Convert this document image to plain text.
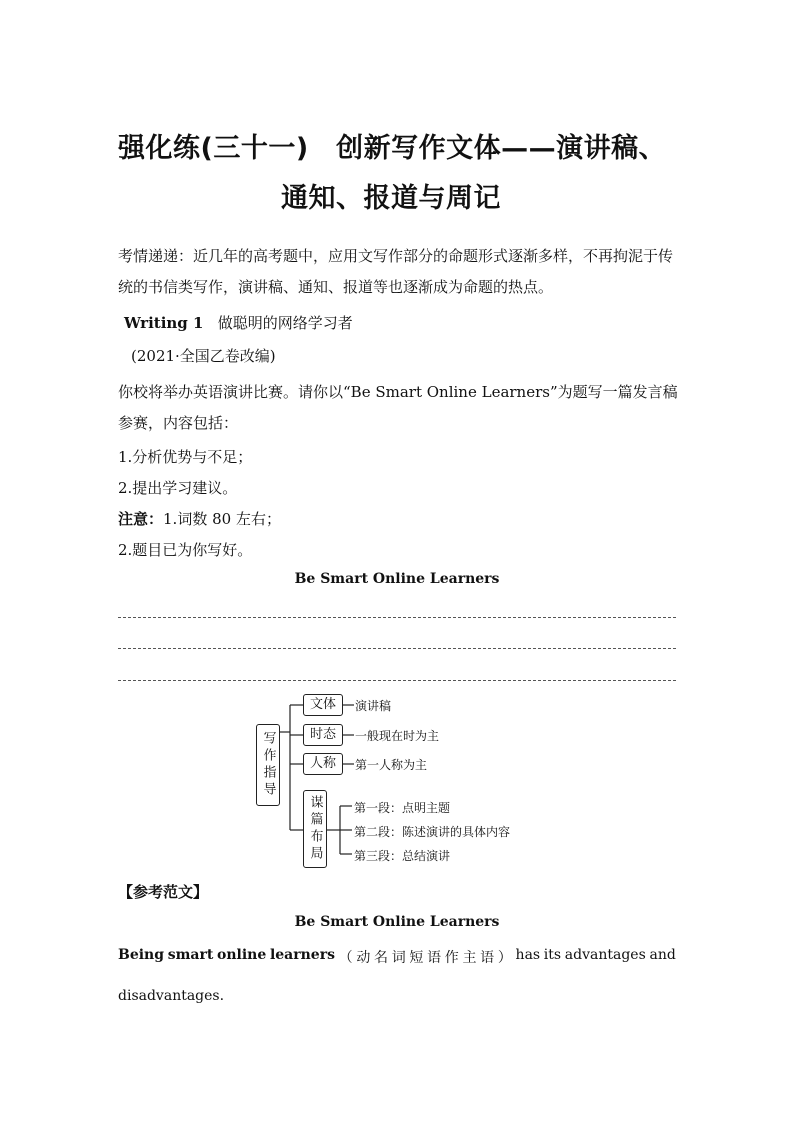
强化练(三十一)　创新写作文体——演讲稿、
通知、报道与周记
考情递递：近几年的高考题中，应用文写作部分的命题形式逐渐多样，不再拘泥于传统的书信类写作，演讲稿、通知、报道等也逐渐成为命题的热点。
Writing 1 做聪明的网络学习者
(2021·全国乙卷改编)
你校将举办英语演讲比赛。请你以“Be Smart Online Learners”为题写一篇发言稿参赛，内容包括：
1.分析优势与不足；
2.提出学习建议。
注意：1.词数 80 左右；
2.题目已为你写好。
Be Smart Online Learners
写作指导
文体	演讲稿
时态	一般现在时为主
人称	第一人称为主
谋篇布局	第一段：点明主题
第二段：陈述演讲的具体内容
第三段：总结演讲
【参考范文】
Be Smart Online Learners
Being smart online learners （ 动 名 词 短 语 作 主 语 ） has its advantages and
disadvantages.
